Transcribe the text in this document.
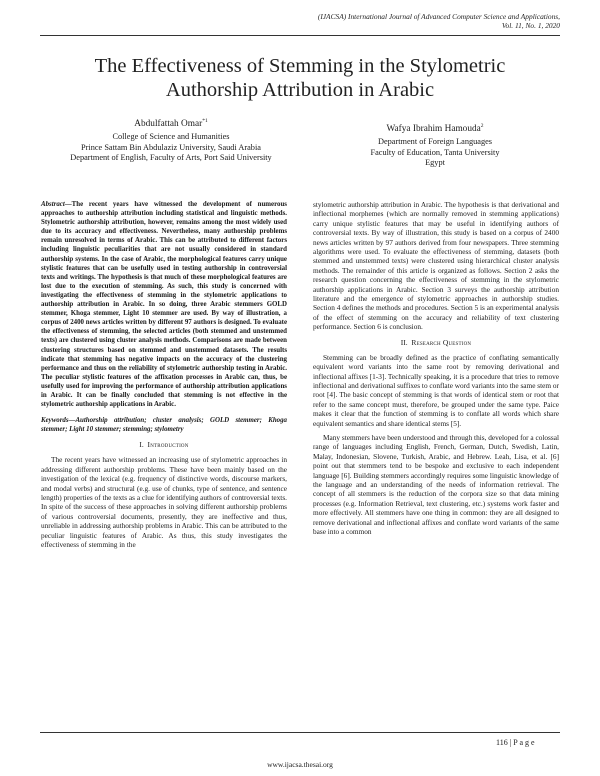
(IJACSA) International Journal of Advanced Computer Science and Applications,
Vol. 11, No. 1, 2020
The Effectiveness of Stemming in the Stylometric
Authorship Attribution in Arabic
Abdulfattah Omar$^{*1}$
College of Science and Humanities
Prince Sattam Bin Abdulaziz University, Saudi Arabia
Department of English, Faculty of Arts, Port Said University
Wafya Ibrahim Hamouda$^2$
Department of Foreign Languages
Faculty of Education, Tanta University
Egypt

Abstract—The recent years have witnessed the development of numerous approaches to authorship attribution including statistical and linguistic methods. Stylometric authorship attribution, however, remains among the most widely used due to its accuracy and effectiveness. Nevertheless, many authorship problems remain unresolved in terms of Arabic. This can be attributed to different factors including linguistic peculiarities that are not usually considered in standard authorship systems. In the case of Arabic, the morphological features carry unique stylistic features that can be usefully used in testing authorship in controversial texts and writings. The hypothesis is that much of these morphological features are lost due to the execution of stemming. As such, this study is concerned with investigating the effectiveness of stemming in the stylometric applications to authorship attribution in Arabic. In so doing, three Arabic stemmers GOLD stemmer, Khoga stemmer, Light 10 stemmer are used. By way of illustration, a corpus of 2400 news articles written by different 97 authors is designed. To evaluate the effectiveness of stemming, the selected articles (both stemmed and unstemmed texts) are clustered using cluster analysis methods. Comparisons are made between clustering structures based on stemmed and unstemmed datasets. The results indicate that stemming has negative impacts on the accuracy of the clustering performance and thus on the reliability of stylometric authorship testing in Arabic. The peculiar stylistic features of the affixation processes in Arabic can, thus, be usefully used for improving the performance of authorship attribution applications in Arabic. It can be finally concluded that stemming is not effective in the stylometric authorship applications in Arabic.

Keywords—Authorship attribution; cluster analysis; GOLD stemmer; Khoga stemmer; Light 10 stemmer; stemming; stylometry

I. Introduction

The recent years have witnessed an increasing use of stylometric approaches in addressing different authorship problems. These have been mainly based on the investigation of the lexical (e.g. frequency of distinctive words, discourse markers, and modal verbs) and structural (e.g. use of chunks, type of sentence, and sentence length) properties of the texts as a clue for identifying authors of controversial texts. In spite of the success of these approaches in solving different authorship problems of various controversial documents, presently, they are ineffective and thus, unreliable in addressing authorship problems in Arabic. This can be attributed to the peculiar linguistic features of Arabic. As thus, this study investigates the effectiveness of stemming in the

stylometric authorship attribution in Arabic. The hypothesis is that derivational and inflectional morphemes (which are normally removed in stemming applications) carry unique stylistic features that may be useful in identifying authors of controversial texts. By way of illustration, this study is based on a corpus of 2400 news articles written by 97 authors derived from four newspapers. Three stemming algorithms were used. To evaluate the effectiveness of stemming, datasets (both stemmed and unstemmed texts) were clustered using hierarchical cluster analysis methods. The remainder of this article is organized as follows. Section 2 asks the research question concerning the effectiveness of stemming in the stylometric authorship applications in Arabic. Section 3 surveys the authorship attribution literature and the emergence of stylometric approaches in authorship studies. Section 4 defines the methods and procedures. Section 5 is an experimental analysis of the effect of stemming on the accuracy and reliability of text clustering performance. Section 6 is conclusion.

II. Research Question

Stemming can be broadly defined as the practice of conflating semantically equivalent word variants into the same root by removing derivational and inflectional affixes [1-3]. Technically speaking, it is a procedure that tries to remove inflectional and derivational suffixes to conflate word variants into the same stem or root [4]. The basic concept of stemming is that words of identical stem or root that refer to the same concept must, therefore, be grouped under the same type. Paice makes it clear that the function of stemming is to conflate all words which share equivalent semantics and share identical stems [5].

Many stemmers have been understood and through this, developed for a colossal range of languages including English, French, German, Dutch, Swedish, Latin, Malay, Indonesian, Slovene, Turkish, Arabic, and Hebrew. Leah, Lisa, et al. [6] point out that stemmers tend to be bespoke and exclusive to each independent language [6]. Building stemmers accordingly requires some linguistic knowledge of the language and an understanding of the needs of information retrieval. The concept of all stemmers is the reduction of the corpora size so that data mining processes (e.g. Information Retrieval, text clustering, etc.) systems work faster and more effectively. All stemmers have one thing in common: they are all designed to remove derivational and inflectional affixes and conflate word variants of the same base into a common

116 | P a g e
www.ijacsa.thesai.org
